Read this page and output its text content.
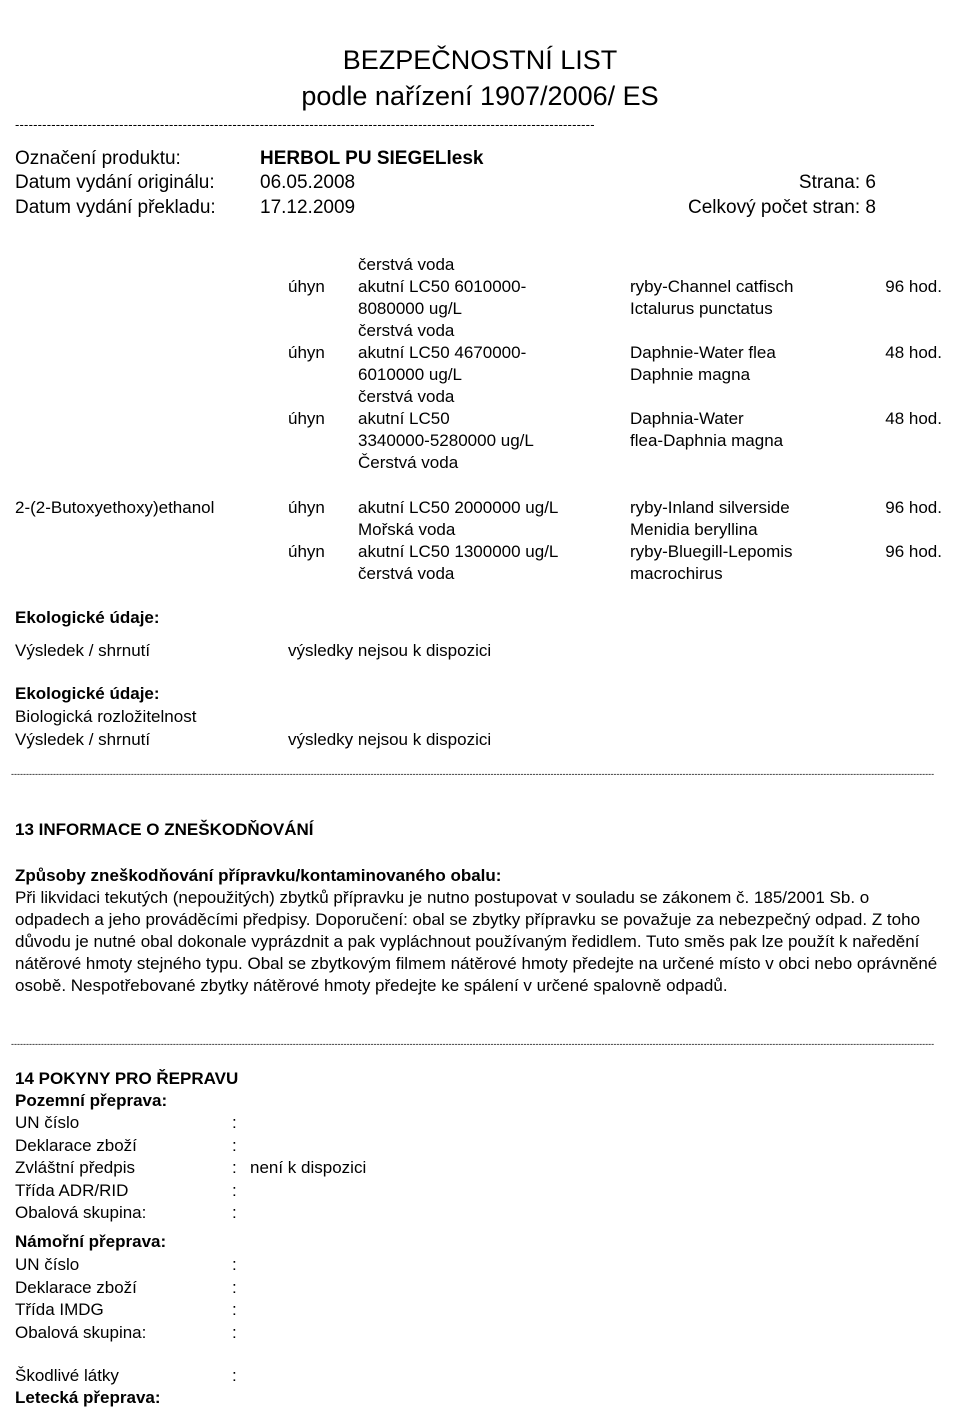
BEZPEČNOSTNÍ LIST
podle nařízení 1907/2006/ ES
--------------------------------------------------------------------------------------------------------------------------------
Označení produktu:	HERBOL PU SIEGELlesk
Datum vydání originálu: 06.05.2008	Strana: 6
Datum vydání překladu: 17.12.2009	Celkový počet stran: 8
čerstvá voda
úhyn akutní LC50 6010000-	ryby-Channel catfisch	96 hod.
8080000 ug/L	Ictalurus punctatus
čerstvá voda
úhyn akutní LC50 4670000-	Daphnie-Water flea	48 hod.
6010000 ug/L	Daphnie magna
čerstvá voda
úhyn akutní LC50	Daphnia-Water	48 hod.
3340000-5280000 ug/L	flea-Daphnia magna
Čerstvá voda
2-(2-Butoxyethoxy)ethanol	úhyn akutní LC50 2000000 ug/L	ryby-Inland silverside	96 hod.
Mořská voda	Menidia beryllina
úhyn akutní LC50 1300000 ug/L	ryby-Bluegill-Lepomis	96 hod.
čerstvá voda	macrochirus
Ekologické údaje:
Výsledek / shrnutí	výsledky nejsou k dispozici
Ekologické údaje:
Biologická rozložitelnost
Výsledek / shrnutí	výsledky nejsou k dispozici
--------------------------------------------------------------------------------------------------------------------------------------------------------------------------------------------------------------------------------------------------------------------------------------------------------------------
13 INFORMACE O ZNEŠKODŇOVÁNÍ
Způsoby zneškodňování přípravku/kontaminovaného obalu:
Při likvidaci tekutých (nepoužitých) zbytků přípravku je nutno postupovat v souladu se zákonem č. 185/2001 Sb. o odpadech a jeho prováděcími předpisy. Doporučení: obal se zbytky přípravku se považuje za nebezpečný odpad. Z toho důvodu je nutné obal dokonale vyprázdnit a pak vypláchnout používaným ředidlem. Tuto směs pak lze použít k naředění nátěrové hmoty stejného typu. Obal se zbytkovým filmem nátěrové hmoty předejte na určené místo v obci nebo oprávněné osobě. Nespotřebované zbytky nátěrové hmoty předejte ke spálení v určené spalovně odpadů.
--------------------------------------------------------------------------------------------------------------------------------------------------------------------------------------------------------------------------------------------------------------------------------------------------------------------
14 POKYNY PRO ŘEPRAVU
Pozemní přeprava:
UN číslo	:
Deklarace zboží	:
Zvláštní předpis	: není k dispozici
Třída ADR/RID	:
Obalová skupina:	:
Námořní přeprava:
UN číslo	:
Deklarace zboží	:
Třída IMDG	:
Obalová skupina:	:
Škodlivé látky	:
Letecká přeprava:
